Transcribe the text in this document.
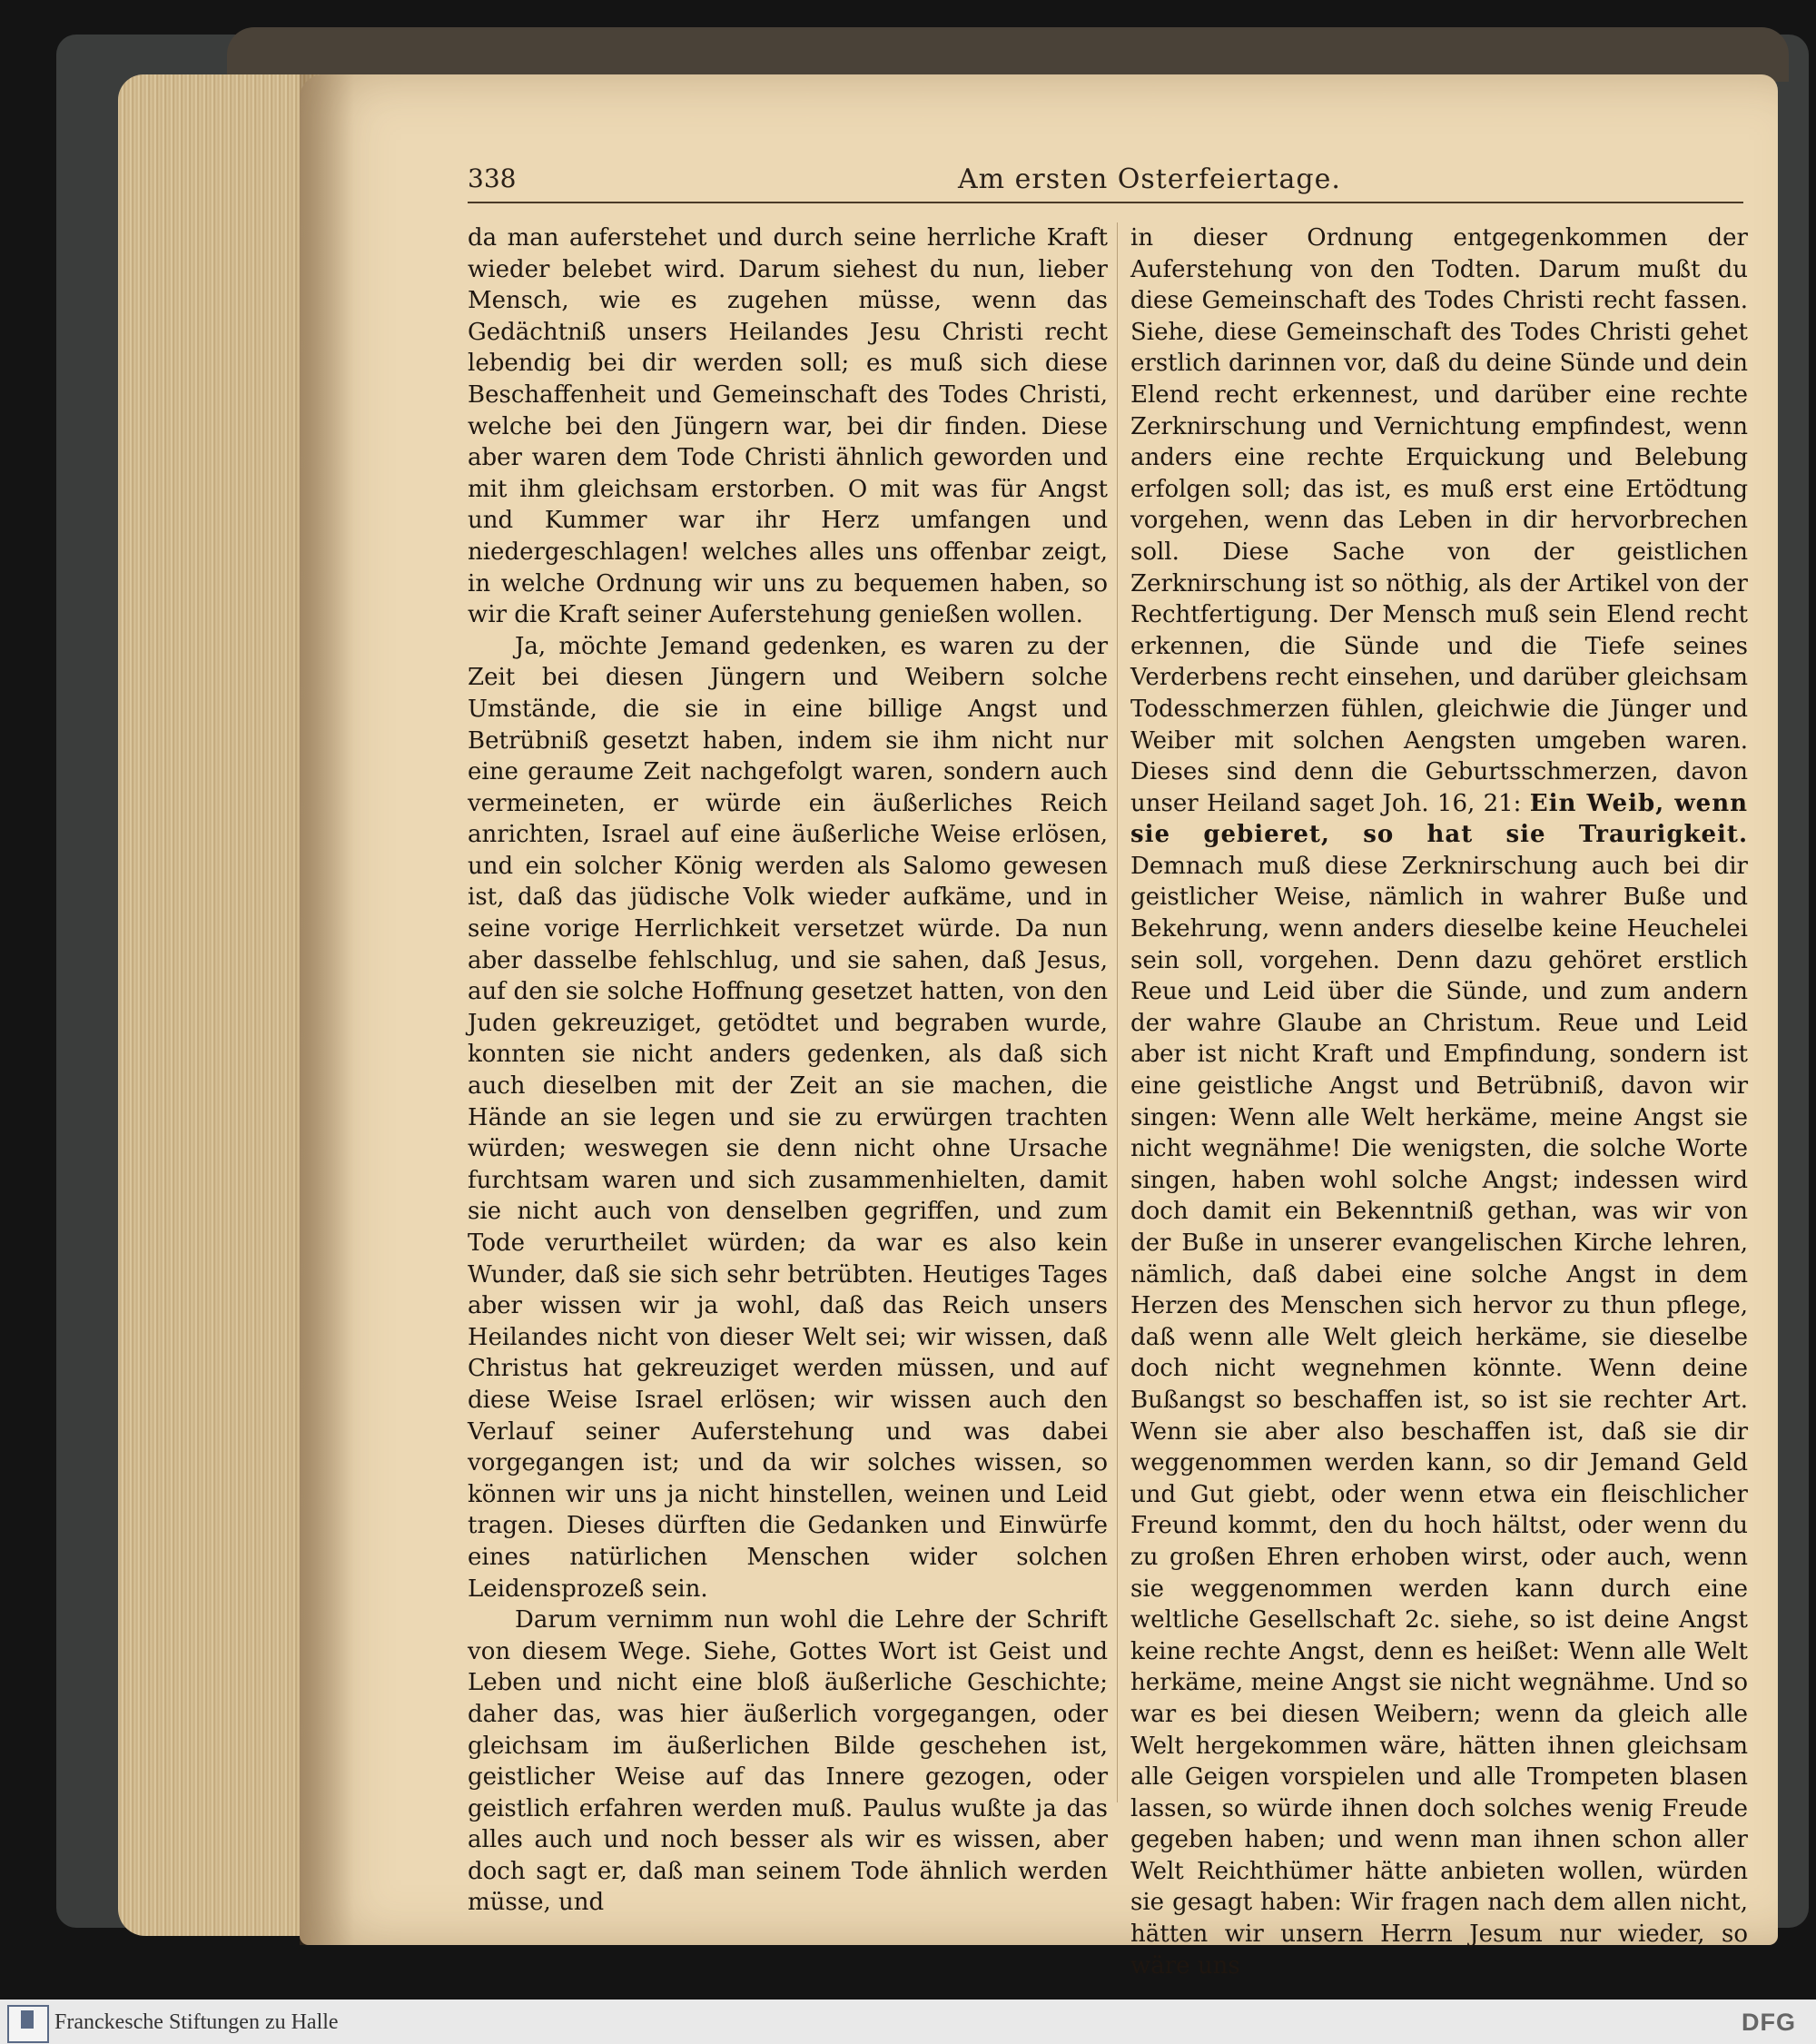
338	Am ersten Osterfeiertage.

da man auferstehet und durch seine herrliche Kraft wieder belebet wird. Darum siehest du nun, lieber Mensch, wie es zugehen müsse, wenn das Gedächtniß unsers Heilandes Jesu Christi recht lebendig bei dir werden soll; es muß sich diese Beschaffenheit und Gemeinschaft des Todes Christi, welche bei den Jüngern war, bei dir finden. Diese aber waren dem Tode Christi ähnlich geworden und mit ihm gleichsam erstorben. O mit was für Angst und Kummer war ihr Herz umfangen und niedergeschlagen! welches alles uns offenbar zeigt, in welche Ordnung wir uns zu bequemen haben, so wir die Kraft seiner Auferstehung genießen wollen.

Ja, möchte Jemand gedenken, es waren zu der Zeit bei diesen Jüngern und Weibern solche Umstände, die sie in eine billige Angst und Betrübniß gesetzt haben, indem sie ihm nicht nur eine geraume Zeit nachgefolgt waren, sondern auch vermeineten, er würde ein äußerliches Reich anrichten, Israel auf eine äußerliche Weise erlösen, und ein solcher König werden als Salomo gewesen ist, daß das jüdische Volk wieder aufkäme, und in seine vorige Herrlichkeit versetzet würde. Da nun aber dasselbe fehlschlug, und sie sahen, daß Jesus, auf den sie solche Hoffnung gesetzet hatten, von den Juden gekreuziget, getödtet und begraben wurde, konnten sie nicht anders gedenken, als daß sich auch dieselben mit der Zeit an sie machen, die Hände an sie legen und sie zu erwürgen trachten würden; weswegen sie denn nicht ohne Ursache furchtsam waren und sich zusammenhielten, damit sie nicht auch von denselben gegriffen, und zum Tode verurtheilet würden; da war es also kein Wunder, daß sie sich sehr betrübten. Heutiges Tages aber wissen wir ja wohl, daß das Reich unsers Heilandes nicht von dieser Welt sei; wir wissen, daß Christus hat gekreuziget werden müssen, und auf diese Weise Israel erlösen; wir wissen auch den Verlauf seiner Auferstehung und was dabei vorgegangen ist; und da wir solches wissen, so können wir uns ja nicht hinstellen, weinen und Leid tragen. Dieses dürften die Gedanken und Einwürfe eines natürlichen Menschen wider solchen Leidensprozeß sein.

Darum vernimm nun wohl die Lehre der Schrift von diesem Wege. Siehe, Gottes Wort ist Geist und Leben und nicht eine bloß äußerliche Geschichte; daher das, was hier äußerlich vorgegangen, oder gleichsam im äußerlichen Bilde geschehen ist, geistlicher Weise auf das Innere gezogen, oder geistlich erfahren werden muß. Paulus wußte ja das alles auch und noch besser als wir es wissen, aber doch sagt er, daß man seinem Tode ähnlich werden müsse, und

in dieser Ordnung entgegenkommen der Auferstehung von den Todten. Darum mußt du diese Gemeinschaft des Todes Christi recht fassen. Siehe, diese Gemeinschaft des Todes Christi gehet erstlich darinnen vor, daß du deine Sünde und dein Elend recht erkennest, und darüber eine rechte Zerknirschung und Vernichtung empfindest, wenn anders eine rechte Erquickung und Belebung erfolgen soll; das ist, es muß erst eine Ertödtung vorgehen, wenn das Leben in dir hervorbrechen soll. Diese Sache von der geistlichen Zerknirschung ist so nöthig, als der Artikel von der Rechtfertigung. Der Mensch muß sein Elend recht erkennen, die Sünde und die Tiefe seines Verderbens recht einsehen, und darüber gleichsam Todesschmerzen fühlen, gleichwie die Jünger und Weiber mit solchen Aengsten umgeben waren. Dieses sind denn die Geburtsschmerzen, davon unser Heiland saget Joh. 16, 21: Ein Weib, wenn sie gebieret, so hat sie Traurigkeit. Demnach muß diese Zerknirschung auch bei dir geistlicher Weise, nämlich in wahrer Buße und Bekehrung, wenn anders dieselbe keine Heuchelei sein soll, vorgehen. Denn dazu gehöret erstlich Reue und Leid über die Sünde, und zum andern der wahre Glaube an Christum. Reue und Leid aber ist nicht Kraft und Empfindung, sondern ist eine geistliche Angst und Betrübniß, davon wir singen: Wenn alle Welt herkäme, meine Angst sie nicht wegnähme! Die wenigsten, die solche Worte singen, haben wohl solche Angst; indessen wird doch damit ein Bekenntniß gethan, was wir von der Buße in unserer evangelischen Kirche lehren, nämlich, daß dabei eine solche Angst in dem Herzen des Menschen sich hervor zu thun pflege, daß wenn alle Welt gleich herkäme, sie dieselbe doch nicht wegnehmen könnte. Wenn deine Bußangst so beschaffen ist, so ist sie rechter Art. Wenn sie aber also beschaffen ist, daß sie dir weggenommen werden kann, so dir Jemand Geld und Gut giebt, oder wenn etwa ein fleischlicher Freund kommt, den du hoch hältst, oder wenn du zu großen Ehren erhoben wirst, oder auch, wenn sie weggenommen werden kann durch eine weltliche Gesellschaft 2c. siehe, so ist deine Angst keine rechte Angst, denn es heißet: Wenn alle Welt herkäme, meine Angst sie nicht wegnähme. Und so war es bei diesen Weibern; wenn da gleich alle Welt hergekommen wäre, hätten ihnen gleichsam alle Geigen vorspielen und alle Trompeten blasen lassen, so würde ihnen doch solches wenig Freude gegeben haben; und wenn man ihnen schon aller Welt Reichthümer hätte anbieten wollen, würden sie gesagt haben: Wir fragen nach dem allen nicht, hätten wir unsern Herrn Jesum nur wieder, so wäre uns

Franckesche Stiftungen zu Halle	DFG
